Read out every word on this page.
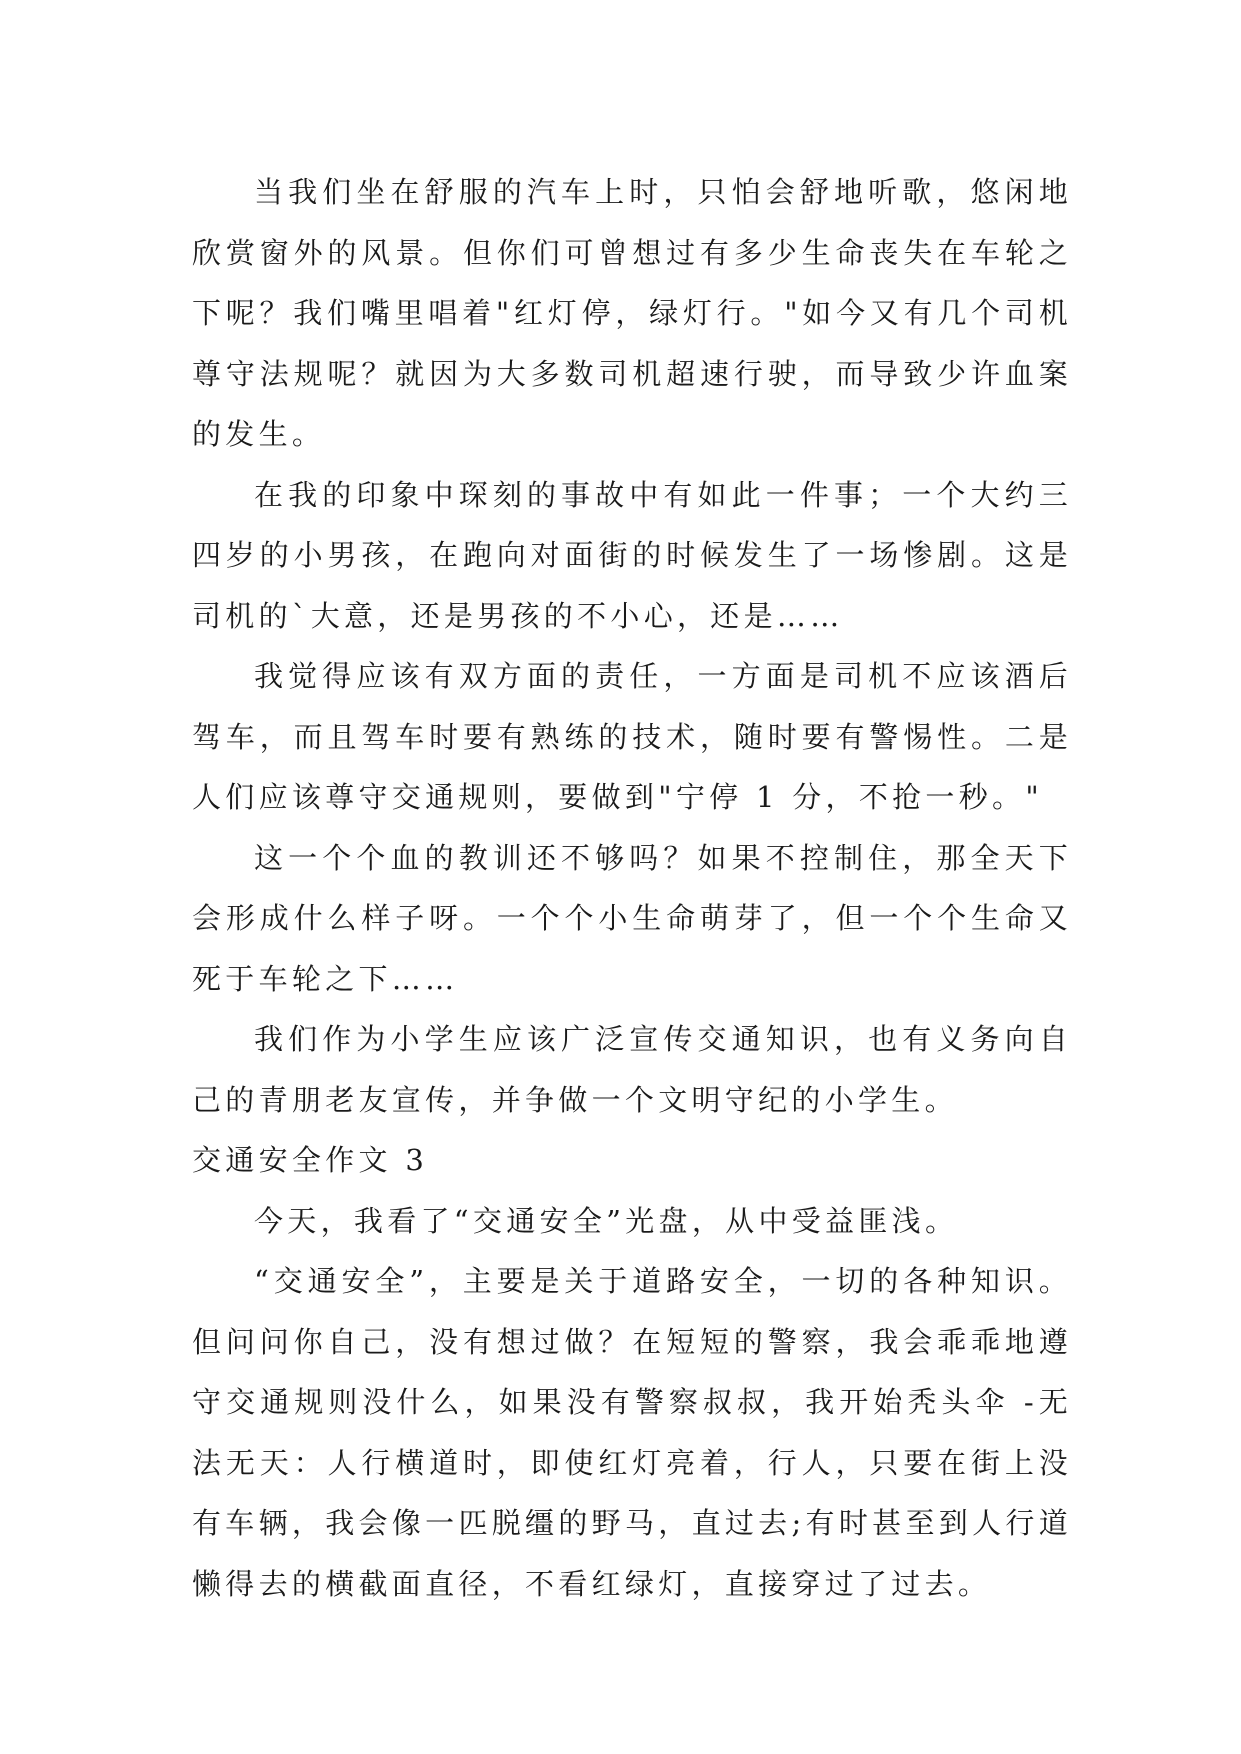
当我们坐在舒服的汽车上时，只怕会舒地听歌，悠闲地欣赏窗外的风景。但你们可曾想过有多少生命丧失在车轮之下呢？我们嘴里唱着"红灯停，绿灯行。"如今又有几个司机尊守法规呢？就因为大多数司机超速行驶，而导致少许血案的发生。

在我的印象中琛刻的事故中有如此一件事；一个大约三四岁的小男孩，在跑向对面街的时候发生了一场惨剧。这是司机的`大意，还是男孩的不小心，还是……

我觉得应该有双方面的责任，一方面是司机不应该酒后驾车，而且驾车时要有熟练的技术，随时要有警惕性。二是人们应该尊守交通规则，要做到"宁停 1 分，不抢一秒。"

这一个个血的教训还不够吗？如果不控制住，那全天下会形成什么样子呀。一个个小生命萌芽了，但一个个生命又死于车轮之下……

我们作为小学生应该广泛宣传交通知识，也有义务向自己的青朋老友宣传，并争做一个文明守纪的小学生。

交通安全作文 3

今天，我看了“交通安全”光盘，从中受益匪浅。

“交通安全”，主要是关于道路安全，一切的各种知识。但问问你自己，没有想过做？在短短的警察，我会乖乖地遵守交通规则没什么，如果没有警察叔叔，我开始秃头伞 -无法无天：人行横道时，即使红灯亮着，行人，只要在街上没有车辆，我会像一匹脱缰的野马，直过去;有时甚至到人行道懒得去的横截面直径，不看红绿灯，直接穿过了过去。
